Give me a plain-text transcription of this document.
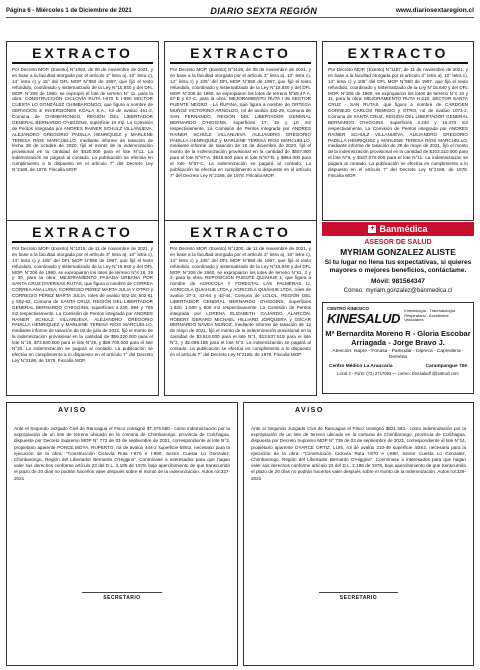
Página 6 - Miércoles 1 de Diciembre de 2021	DIARIO SEXTA REGIÓN	www.diariosextaregion.cl
EXTRACTO
Por Decreto MOP. (Exento) N°1092, de 08 de noviembre de 2021, y en base a la facultad otorgada por el artículo 3° letra a), 10° letra c), 14° letra c) y 15° del DFL MOP N°850 de 1997, que fijó el texto refundido, coordinado y sistematizado de la Ley N°15.840 y del DFL MOP. N°206 de 1960, se expropió el lote de terreno N° 11, para la obra: CONSTRUCCIÓN CICLOVÍA RUTA I-870 E I-890 SECTOR CUESTA LO GONZÁLEZ CHIMBARONGO, que figura a nombre de SERVICIOS E INVERSIONES KOALA S.A., rol de avalúo 451-2, Comuna de CHIMBARONGO, REGIÓN DEL LIBERTADOR GENERAL BERNARDO O'HIGGINS, superficie 10 m2. La Comisión de Peritos integrada por ANDRES RAINER SCHULZ VILLANUEVA, ALEJANDRO GREGORIO PADILLA HENRIQUEZ y MARLENE TERESA RÍOS MARCUELLO, mediante informe de tasación de fecha 28 de octubre de 2020, fijó el monto de la indemnización provisional en la cantidad de $420.000 para el lote N°11. La indemnización se pagará al contado. La publicación se efectúa en cumplimiento a lo dispuesto en el artículo 7° del Decreto Ley N°2186, de 1978. Fiscalía MOP.
EXTRACTO
Por Decreto MOP. (Exento) N°1128, de 08 de noviembre de 2021, y en base a la facultad otorgada por el artículo 3° letra a), 10° letra c), 14° letra c) y 105° del DFL MOP N°850 de 1997, que fijó el texto refundido, coordinado y sistematizado de la Ley N°15.840 y del DFL MOP. N°206 de 1960, se expropiaron los lotes de terreno N°s5,47-A, 67-B y 67-C, para la obra: MEJORAMIENTO RUTA I-45 SECTOR PUENTE NEGRO - LA RUFINA, que figura a nombre de ORTEGA MUÑOZ VICTORINO ARNOLDO, rol de avalúo 432-29, Comuna de SAN FERNANDO, REGIÓN DEL LIBERTADOR GENERAL BERNARDO O'HIGGINS, superficies 17, 19 y 10 m2 respectivamente. La Comisión de Peritos integrada por ANDRES RAINER SCHULZ VILLANUEVA, ALEJANDRO GREGORIO PADILLA HENRIQUEZ y MARLENE TERESA RÍOS MARCUELLO, mediante informe de tasación de 16 de diciembre de 2020, fijó el monto de la indemnización provisional en la cantidad de $557.800 para el lote N°67-A, $515.600 para el lote N°67-B, y $864.000 para el lote N°67-C. La indemnización se pagará al contado. La publicación se efectúa en cumplimiento a lo dispuesto en el artículo 7° del Decreto Ley N°2186, de 1978. Fiscalía MOP.
EXTRACTO
Por Decreto MOP. (Exento) N°1187, de 11 de noviembre de 2021, y en base a la facultad otorgada por el artículo 3° letra a), 10° letra c), 14° letra c) y 105° del DFL MOP N°850 de 1997, que fijó el texto refundido, coordinado y sistematizado de la Ley N°15.840 y del DFL MOP. N°206 de 1960, se expropiaron los lotes de terreno N°s 10 y 11, para la obra: MEJORAMIENTO RUTA H-210, SECTOR SANTA CRUZ - SAN RUTAS, que figura a nombre de CARDOEN CORNEJO CARLOS REMIGIO y OTRO, rol de avalúo 1071-2, Comuna de SANTA CRUZ, REGIÓN DEL LIBERTADOR GENERAL BERNARDO O'HIGGINS, superficies 2.240 y 16.370 m2 respectivamente. La Comisión de Peritos integrada por ANDRES RAINER SCHULZ VILLANUEVA, ALEJANDRO GREGORIO PADILLA HENRIQUEZ y MARLENE TERESA RÍOS MARCUELLO, mediante informe de tasación de 29 de mayo de 2021, fijó el monto de la indemnización provisional en la cantidad de $103.310.000 para el lote N°9, y $187.070.000 para el lote N°11. La indemnización se pagará al contado. La publicación se efectúa en cumplimiento a lo dispuesto en el artículo 7° del Decreto Ley N°2186, de 1978. Fiscalía MOP.
EXTRACTO
Por Decreto MOP. (Exento) N°1215, de 11 de noviembre de 2021, y en base a la facultad otorgada por el artículo 3° letra a), 10° letra c), 14° letra c) y 105° del DFL MOP N°850 de 1997, que fijó el texto refundido, coordinado y sistematizado de la Ley N°15.840 y del DFL MOP. N°206 de 1960, se expropiaron los lotes de terreno N°s 18, 29 y 30, para la obra: MEJORAMIENTO PASADA URBANA POR SANTA CRUZ DIVERSAS RUTAS, que figura a nombre de CORREA CORREA ANA LUISA, CORREGIO PÉREZ MARTA JULIA Y OTRO y CORREGIO PÉREZ MARTA JULIA, roles de avalúo 502-18, 502-61 y 502-62, Comuna de SANTA CRUZ, REGIÓN DEL LIBERTADOR GENERAL BERNARDO O'HIGGINS, superficies 4.230, 984 y 766 m2 respectivamente. La Comisión de Peritos integrada por ANDRES RAINER SCHULZ VILLANUEVA, ALEJANDRO GREGORIO PADILLA HENRIQUEZ y MARLENE TERESA RÍOS MARCUELLO, mediante informe de tasación de 02 de julio de 2021, fijó el monto de la indemnización provisional en la cantidad de $59.320.000 para el lote N°18, $73.800.000 para el lote N°29, y $59.700.000 para el lote N°30. La indemnización se pagará al contado. La publicación se efectúa en cumplimiento a lo dispuesto en el artículo 7° del Decreto Ley N°2186, de 1978. Fiscalía MOP.
EXTRACTO
Por Decreto MOP. (Exento) N°1200, de 11 de noviembre de 2021, y en base a la facultad otorgada por el artículo 3° letra a), 10° letra c), 14° letra c) y 105° del DFL MOP N°850 de 1997, que fijó el texto refundido, coordinado y sistematizado de la Ley N°15.840 y del DFL MOP. N°206 de 1960, se expropiaron los lotes de terreno N°s1, 2 y 3, para la obra: REPOSICIÓN PUENTE QUIAHUE 1, que figura a nombre de AGRICOLA Y FORESTAL LAS PALMERAS LI, AGRICOLA QUIAHUE LTDA y AGRICOLA QUIAHUE LTDA, roles de avalúo 27-3, 42-64 y 42-44, Comuna de LOLOL, REGIÓN DEL LIBERTADOR GENERAL BERNARDO O'HIGGINS, superficies 1.620, 1.500 y 900 m2 respectivamente. La Comisión de Peritos integrada por LORENA ELIZABETH GAJARDO ALARCÓN, ROBERT GERARD MICHAEL HILLIARD JORQUERA y OSCAR BERNARDO NAVEA MUÑOZ, mediante informe de tasación de 12 de mayo de 2021, fijó el monto de la indemnización provisional en la cantidad de $3.516.000 para el lote N°1, $13.837.619 para el lote N°2, y $2.098.185 para el lote N°3. La indemnización se pagará al contado. La publicación se efectúa en cumplimiento a lo dispuesto en el artículo 7° del Decreto Ley N°2186, de 1978. Fiscalía MOP.
+ Banmédica
ASESOR DE SALUD
MYRIAM GONZALEZ ALISTE
Si tu lugar no llena tus expectativas, si quieres mayores o mejores beneficios, contáctame.
Móvil: 981564347
Correo: myriam.gonzalez@banmedica.cl
CENTRO KINESICO
KINESALUD
Kinesiología - Traumatología Respiratorio - Accidentes Vasculares
Mª Bernardita Moreno R - Gloria Escobar Arriagada - Jorge Bravo J.
Atención: Isapre - Fonasa - Particular - Dipreca - Capredena - Deméria
Centro Médico La Araucaria	Carampangue 706
Local 4 - Fono: (72) 2717093 — correo: kinesaludf @hotmail.com
AVISO
Ante el Segundo Juzgado Civil de Rancagua el Fisco consignó $7.375.580.- como indemnización por la expropiación de un lote de terreno ubicado en la comuna de Chimbarongo, provincia de Colchagua, dispuesta por Decreto Supremo MOP N° 772 de 03 de septiembre de 2021, correspondiente al lote N°3, propietario aparente PONCE MOYA, RUPERTO, rol de avalúo 444-2 superficie 58m2, necesario para la ejecución de la obra: "Construcción Ciclovía Ruta I-870 e I-890, Sector Cuesta Lo Gonzalez, Chimbarongo, Región del Libertador Bernardo O'Higgins". Conmínase a interesados para que hagan valer sus derechos conforme artículo 23 del D.L. 2.186 de 1978, bajo apercibimiento de que transcurrido el plazo de 20 días no podrán hacerlos valer después sobre el monto de la indemnización. Autos rol:327-2021
SECRETARIO
AVISO
Ante el Segundo Juzgado Civil de Rancagua el Fisco consignó $821.583.- como indemnización por la expropiación de un lote de terreno ubicado en la comuna de Chimbarongo, provincia de Colchagua, dispuesta por Decreto Supremo MOP N° 739 de 03 de septiembre de 2021, correspondiente al lote N°14, propietario aparente OYARCE ORTIZ, LUIS, rol de avalúo 210-49 superficie 40m2, necesario para la ejecución de la obra: "Construcción Ciclovía Ruta I-870 e I-890, Sector Cuesta Lo Gonzalez, Chimbarongo, Región del Libertador Bernardo O'Higgins". Conmínase a interesados para que hagan valer sus derechos conforme artículo 23 del D.L. 2.186 de 1978, bajo apercibimiento de que transcurrido el plazo de 20 días no podrán hacerlos valer después sobre el monto de la indemnización. Autos rol:329-2021
SECRETARIO
